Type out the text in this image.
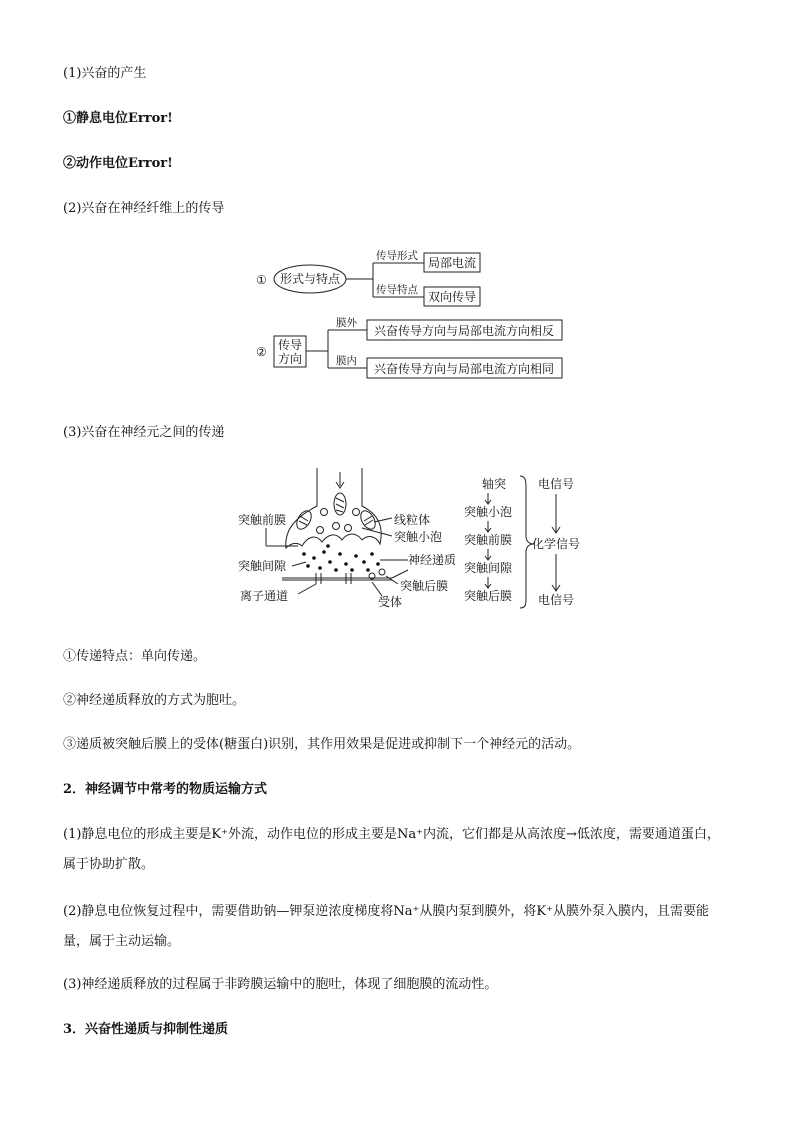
(1)兴奋的产生
①静息电位Error!
②动作电位Error!
(2)兴奋在神经纤维上的传导
① 形式与特点
传导形式
传导特点
局部电流
双向传导
② 传导
方向
膜外
膜内
兴奋传导方向与局部电流方向相反
兴奋传导方向与局部电流方向相同
(3)兴奋在神经元之间的传递
突触前膜	线粒体
突触小泡
突触间隙	神经递质
突触后膜
离子通道	受体
轴突
突触小泡
突触前膜
突触间隙
突触后膜
电信号
化学信号
电信号
①传递特点：单向传递。
②神经递质释放的方式为胞吐。
③递质被突触后膜上的受体(糖蛋白)识别，其作用效果是促进或抑制下一个神经元的活动。
2．神经调节中常考的物质运输方式
(1)静息电位的形成主要是K⁺外流，动作电位的形成主要是Na⁺内流，它们都是从高浓度→低浓度，需要通道蛋白，属于协助扩散。
(2)静息电位恢复过程中，需要借助钠—钾泵逆浓度梯度将Na⁺从膜内泵到膜外，将K⁺从膜外泵入膜内，且需要能量，属于主动运输。
(3)神经递质释放的过程属于非跨膜运输中的胞吐，体现了细胞膜的流动性。
3．兴奋性递质与抑制性递质
